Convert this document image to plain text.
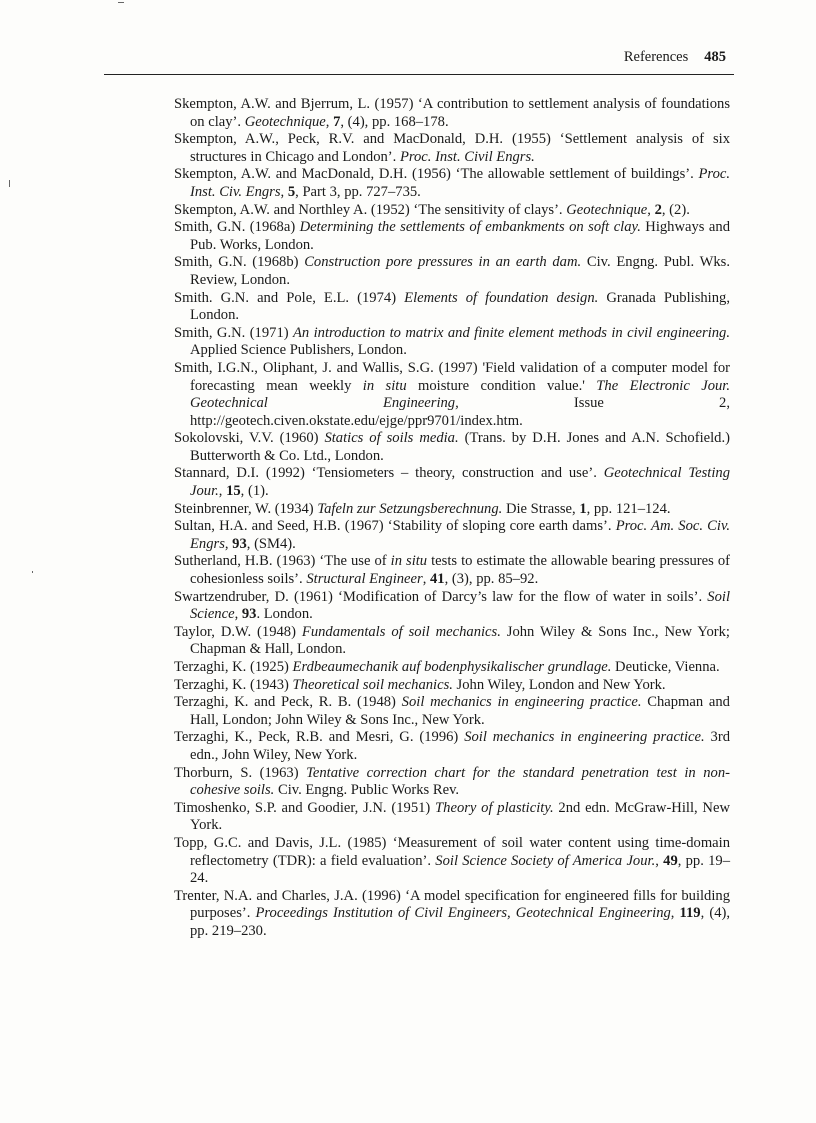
References 485
Skempton, A.W. and Bjerrum, L. (1957) ‘A contribution to settlement analysis of foundations on clay’. Geotechnique, 7, (4), pp. 168–178.
Skempton, A.W., Peck, R.V. and MacDonald, D.H. (1955) ‘Settlement analysis of six structures in Chicago and London’. Proc. Inst. Civil Engrs.
Skempton, A.W. and MacDonald, D.H. (1956) ‘The allowable settlement of buildings’. Proc. Inst. Civ. Engrs, 5, Part 3, pp. 727–735.
Skempton, A.W. and Northley A. (1952) ‘The sensitivity of clays’. Geotechnique, 2, (2).
Smith, G.N. (1968a) Determining the settlements of embankments on soft clay. Highways and Pub. Works, London.
Smith, G.N. (1968b) Construction pore pressures in an earth dam. Civ. Engng. Publ. Wks. Review, London.
Smith. G.N. and Pole, E.L. (1974) Elements of foundation design. Granada Publishing, London.
Smith, G.N. (1971) An introduction to matrix and finite element methods in civil engineering. Applied Science Publishers, London.
Smith, I.G.N., Oliphant, J. and Wallis, S.G. (1997) 'Field validation of a computer model for forecasting mean weekly in situ moisture condition value.' The Electronic Jour. Geotechnical Engineering, Issue 2, http://geotech.civen.okstate.edu/ejge/ppr9701/index.htm.
Sokolovski, V.V. (1960) Statics of soils media. (Trans. by D.H. Jones and A.N. Schofield.) Butterworth & Co. Ltd., London.
Stannard, D.I. (1992) ‘Tensiometers – theory, construction and use’. Geotechnical Testing Jour., 15, (1).
Steinbrenner, W. (1934) Tafeln zur Setzungsberechnung. Die Strasse, 1, pp. 121–124.
Sultan, H.A. and Seed, H.B. (1967) ‘Stability of sloping core earth dams’. Proc. Am. Soc. Civ. Engrs, 93, (SM4).
Sutherland, H.B. (1963) ‘The use of in situ tests to estimate the allowable bearing pressures of cohesionless soils’. Structural Engineer, 41, (3), pp. 85–92.
Swartzendruber, D. (1961) ‘Modification of Darcy’s law for the flow of water in soils’. Soil Science, 93. London.
Taylor, D.W. (1948) Fundamentals of soil mechanics. John Wiley & Sons Inc., New York; Chapman & Hall, London.
Terzaghi, K. (1925) Erdbeaumechanik auf bodenphysikalischer grundlage. Deuticke, Vienna.
Terzaghi, K. (1943) Theoretical soil mechanics. John Wiley, London and New York.
Terzaghi, K. and Peck, R. B. (1948) Soil mechanics in engineering practice. Chapman and Hall, London; John Wiley & Sons Inc., New York.
Terzaghi, K., Peck, R.B. and Mesri, G. (1996) Soil mechanics in engineering practice. 3rd edn., John Wiley, New York.
Thorburn, S. (1963) Tentative correction chart for the standard penetration test in non-cohesive soils. Civ. Engng. Public Works Rev.
Timoshenko, S.P. and Goodier, J.N. (1951) Theory of plasticity. 2nd edn. McGraw-Hill, New York.
Topp, G.C. and Davis, J.L. (1985) ‘Measurement of soil water content using time-domain reflectometry (TDR): a field evaluation’. Soil Science Society of America Jour., 49, pp. 19–24.
Trenter, N.A. and Charles, J.A. (1996) ‘A model specification for engineered fills for building purposes’. Proceedings Institution of Civil Engineers, Geotechnical Engineering, 119, (4), pp. 219–230.
